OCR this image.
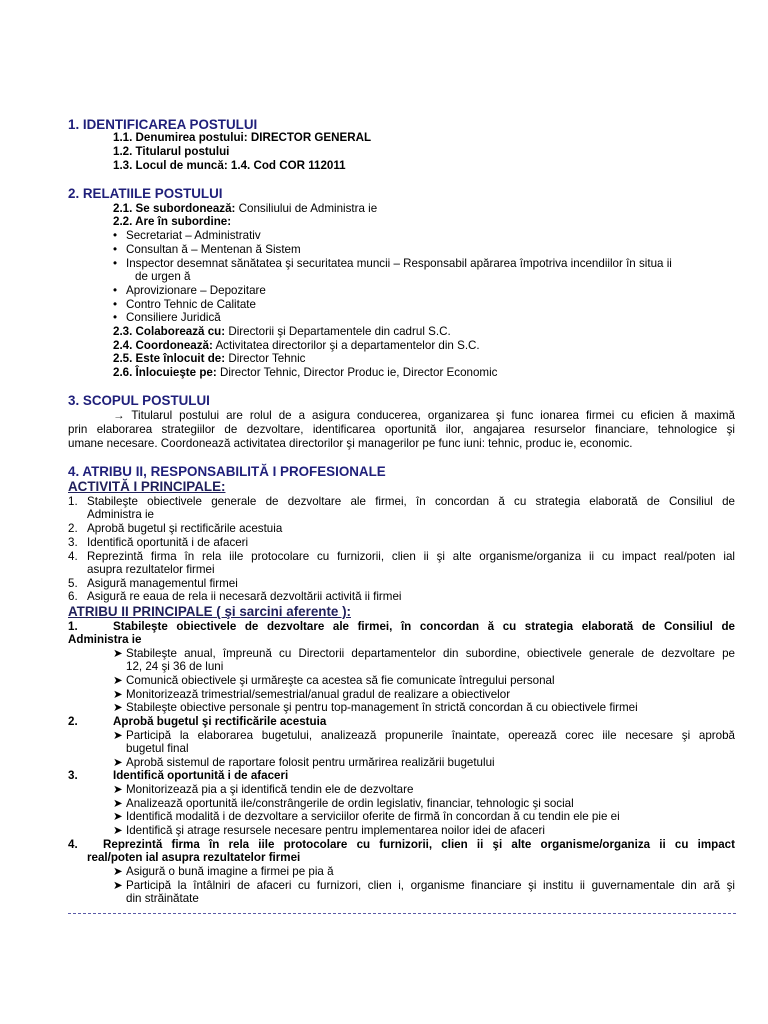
1. IDENTIFICAREA POSTULUI
1.1. Denumirea postului: DIRECTOR GENERAL
1.2. Titularul postului
1.3. Locul de muncă: 1.4. Cod COR 112011
2. RELATIILE POSTULUI
2.1. Se subordonează: Consiliului de Administra ie
2.2. Are în subordine:
• Secretariat – Administrativ
• Consultan ă – Mentenan ă Sistem
• Inspector desemnat sănătatea şi securitatea muncii – Responsabil apărarea împotriva incendiilor în situa ii
de urgen ă
• Aprovizionare – Depozitare
• Contro Tehnic de Calitate
• Consiliere Juridică
2.3. Colaborează cu: Directorii şi Departamentele din cadrul S.C.
2.4. Coordonează: Activitatea directorilor şi a departamentelor din S.C.
2.5. Este înlocuit de: Director Tehnic
2.6. Înlocuieşte pe: Director Tehnic, Director Produc ie, Director Economic
3. SCOPUL POSTULUI
→ Titularul postului are rolul de a asigura conducerea, organizarea şi func ionarea firmei cu eficien ă maximă
prin elaborarea strategiilor de dezvoltare, identificarea oportunită ilor, angajarea resurselor financiare, tehnologice şi
umane necesare. Coordonează activitatea directorilor şi managerilor pe func iuni: tehnic, produc ie, economic.
4. ATRIBU II, RESPONSABILITĂ I PROFESIONALE
ACTIVITĂ I PRINCIPALE:
1. Stabileşte obiectivele generale de dezvoltare ale firmei, în concordan ă cu strategia elaborată de Consiliul de
Administra ie
2. Aprobă bugetul şi rectificările acestuia
3. Identifică oportunită i de afaceri
4. Reprezintă firma în rela iile protocolare cu furnizorii, clien ii şi alte organisme/organiza ii cu impact real/poten ial
asupra rezultatelor firmei
5. Asigură managementul firmei
6. Asigură re eaua de rela ii necesară dezvoltării activită ii firmei
ATRIBU II PRINCIPALE ( şi sarcini aferente ):
1.	Stabileşte obiectivele de dezvoltare ale firmei, în concordan ă cu strategia elaborată de Consiliul de
Administra ie
➤ Stabileşte anual, împreună cu Directorii departamentelor din subordine, obiectivele generale de dezvoltare pe
12, 24 şi 36 de luni
➤ Comunică obiectivele şi urmăreşte ca acestea să fie comunicate întregului personal
➤ Monitorizează trimestrial/semestrial/anual gradul de realizare a obiectivelor
➤ Stabileşte obiective personale şi pentru top-management în strictă concordan ă cu obiectivele firmei
2.	Aprobă bugetul şi rectificările acestuia
➤ Participă la elaborarea bugetului, analizează propunerile înaintate, operează corec iile necesare şi aprobă
bugetul final
➤ Aprobă sistemul de raportare folosit pentru urmărirea realizării bugetului
3.	Identifică oportunită i de afaceri
➤ Monitorizează pia a şi identifică tendin ele de dezvoltare
➤ Analizează oportunită ile/constrângerile de ordin legislativ, financiar, tehnologic şi social
➤ Identifică modalită i de dezvoltare a serviciilor oferite de firmă în concordan ă cu tendin ele pie ei
➤ Identifică şi atrage resursele necesare pentru implementarea noilor idei de afaceri
4. Reprezintă firma în rela iile protocolare cu furnizorii, clien ii şi alte organisme/organiza ii cu impact
real/poten ial asupra rezultatelor firmei
➤ Asigură o bună imagine a firmei pe pia ă
➤ Participă la întâlniri de afaceri cu furnizori, clien i, organisme financiare şi institu ii guvernamentale din ară şi
din străinătate
